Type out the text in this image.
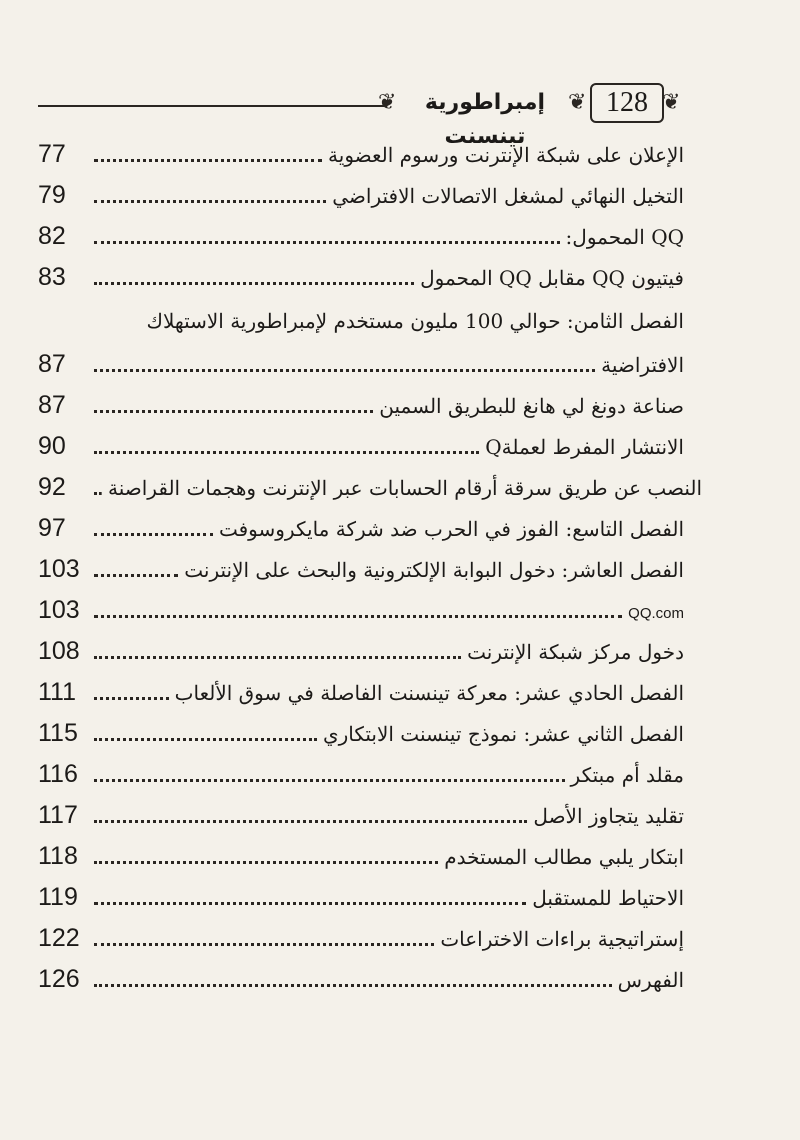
❦	إمبراطورية تينسنت
❦ 128 ❦
77	الإعلان على شبكة الإنترنت ورسوم العضوية
79	التخيل النهائي لمشغل الاتصالات الافتراضي
82	QQ المحمول:
83	فيتيون QQ مقابل QQ المحمول
الفصل الثامن: حوالي 100 مليون مستخدم لإمبراطورية الاستهلاك
87	الافتراضية
87	صناعة دونغ لي هانغ للبطريق السمين
90	الانتشار المفرط لعملةQ
92	النصب عن طريق سرقة أرقام الحسابات عبر الإنترنت وهجمات القراصنة
97	الفصل التاسع: الفوز في الحرب ضد شركة مايكروسوفت
103	الفصل العاشر: دخول البوابة الإلكترونية والبحث على الإنترنت
103	QQ.com
108	دخول مركز شبكة الإنترنت
111	الفصل الحادي عشر: معركة تينسنت الفاصلة في سوق الألعاب
115	الفصل الثاني عشر: نموذج تينسنت الابتكاري
116	مقلد أم مبتكر
117	تقليد يتجاوز الأصل
118	ابتكار يلبي مطالب المستخدم
119	الاحتياط للمستقبل
122	إستراتيجية براءات الاختراعات
126	الفهرس
